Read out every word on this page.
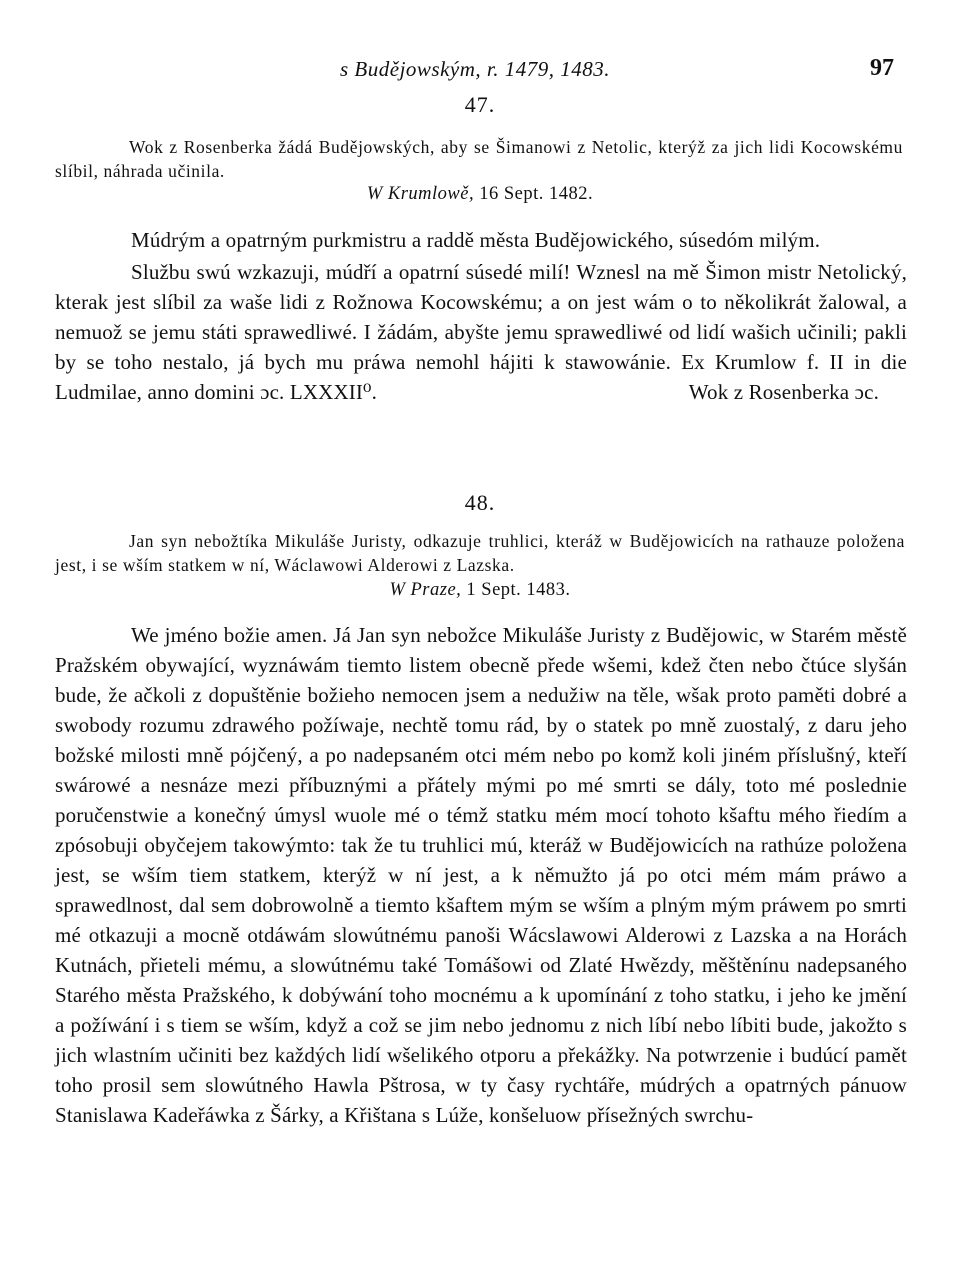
s Budějowským, r. 1479, 1483.	97
47.
Wok z Rosenberka žádá Budějowských, aby se Šimanowi z Netolic, kterýž za jich lidi Kocowskému slíbil, náhrada učinila.
W Krumlowě, 16 Sept. 1482.

Múdrým a opatrným purkmistru a raddě města Budějowického, súsedóm milým.

Službu swú wzkazuji, múdří a opatrní súsedé milí! Wznesl na mě Šimon mistr Netolický, kterak jest slíbil za waše lidi z Rožnowa Kocowskému; a on jest wám o to několikrát žalowal, a nemuož se jemu státi sprawedliwé. I žádám, abyšte jemu sprawedliwé od lidí wašich učinili; pakli by se toho nestalo, já bych mu práwa nemohl hájiti k stawowánie. Ex Krumlow f. II in die Ludmilae, anno domini ɔc. LXXXII⁰.	Wok z Rosenberka ɔc.

48.
Jan syn nebožtíka Mikuláše Juristy, odkazuje truhlici, kteráž w Budějowicích na rathauze položena jest, i se wším statkem w ní, Wáclawowi Alderowi z Lazska.
W Praze, 1 Sept. 1483.

We jméno božie amen. Já Jan syn nebožce Mikuláše Juristy z Budějowic, w Starém městě Pražském obywající, wyznáwám tiemto listem obecně přede wšemi, kdež čten nebo čtúce slyšán bude, že ačkoli z dopuštěnie božieho nemocen jsem a nedužiw na těle, wšak proto paměti dobré a swobody rozumu zdrawého požíwaje, nechtě tomu rád, by o statek po mně zuostalý, z daru jeho božské milosti mně pójčený, a po nadepsaném otci mém nebo po komž koli jiném příslušný, kteří swárowé a nesnáze mezi příbuznými a přátely mými po mé smrti se dály, toto mé poslednie poručenstwie a konečný úmysl wuole mé o témž statku mém mocí tohoto kšaftu mého řiedím a zpósobuji obyčejem takowýmto: tak že tu truhlici mú, kteráž w Budějowicích na rathúze položena jest, se wším tiem statkem, kterýž w ní jest, a k němužto já po otci mém mám práwo a sprawedlnost, dal sem dobrowolně a tiemto kšaftem mým se wším a plným mým práwem po smrti mé otkazuji a mocně otdáwám slowútnému panoši Wácslawowi Alderowi z Lazska a na Horách Kutnách, přieteli mému, a slowútnému také Tomášowi od Zlaté Hwězdy, měštěnínu nadepsaného Starého města Pražského, k dobýwání toho mocnému a k upomínání z toho statku, i jeho ke jmění a požíwání i s tiem se wším, když a což se jim nebo jednomu z nich líbí nebo líbiti bude, jakožto s jich wlastním učiniti bez každých lidí wšelikého otporu a překážky. Na potwrzenie i budúcí pamět toho prosil sem slowútného Hawla Pštrosa, w ty časy rychtáře, múdrých a opatrných pánuow Stanislawa Kadeřáwka z Šárky, a Křištana s Lúže, konšeluow přísežných swrchu-
